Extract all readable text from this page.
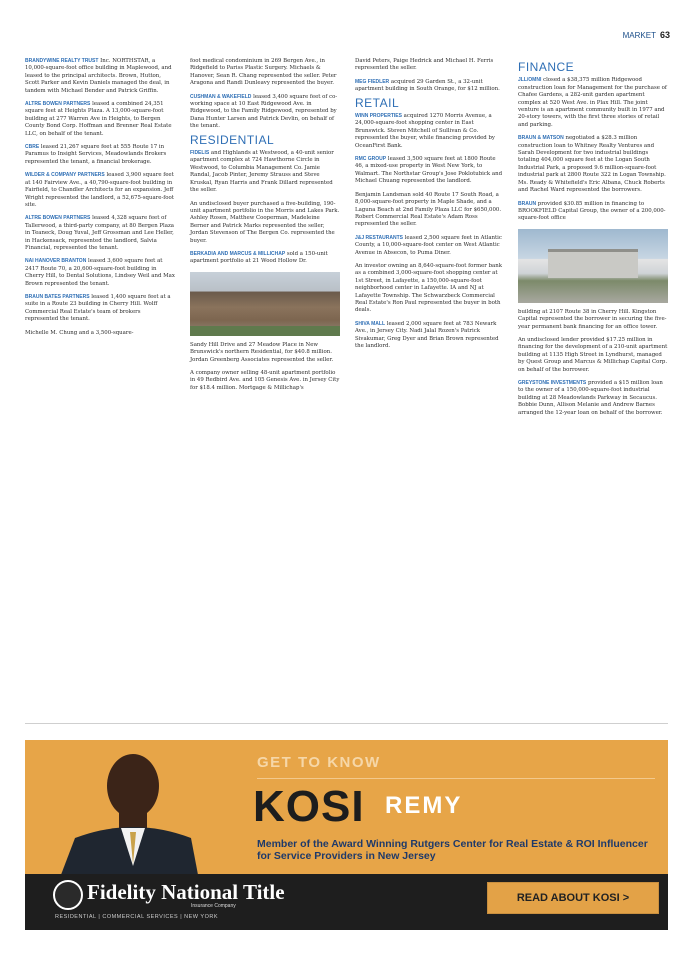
MARKET 63

BRANDYWINE REALTY TRUST Inc. NORTHSTAR, a 10,000-square-foot office building in Maplewood, and leased to the principal architects. Brown, Hutton, Scott Parker and Kevin Daniels managed the deal, in tandem with Michael Bender and Patrick Griffin.

ALTRE BOWEN PARTNERS leased a combined 24,351 square feet at Heights Plaza. A 13,000-square-foot building at 277 Warren Ave in Heights, to Bergen County Bond Corp. Hoffman and Brenner Real Estate LLC, on behalf of the tenant.

CBRE leased 21,267 square feet at 555 Route 17 in Paramus to Insight Services, Meadowlands Brokers represented the tenant, a financial brokerage.

WILDER & COMPANY PARTNERS leased 3,900 square feet at 140 Fairview Ave., a 40,790-square-foot building in Fairfield, to Chandler Architects for an expansion. Jeff Wright represented the landlord, a 52,675-square-foot site.

ALTRE BOWEN PARTNERS leased 4,328 square feet of Tallerwood, a third-party company, at 80 Bergen Plaza in Teaneck, Doug Yuval, Jeff Grossman and Lee Heller, in Hackensack, represented the landlord, Salvia Financial, represented the tenant.

NAI HANOVER BRANTON leased 3,600 square feet at 2417 Route 70, a 20,600-square-foot building in Cherry Hill, to Dental Solutions, Lindsey Weil and Max Brown represented the tenant.

BRAUN BATES PARTNERS leased 1,400 square feet at a suite in a Route 23 building in Cherry Hill. Wolff Commercial Real Estate's team of brokers represented the tenant.

Michelle M. Chung and a 3,500-square-

foot medical condominium in 269 Bergen Ave., in Ridgefield to Pariss Plastic Surgery. Michaels & Hanover, Sean R. Chang represented the seller. Peter Aragona and Randi Dunleavy represented the buyer.

CUSHMAN & WAKEFIELD leased 3,400 square feet of co-working space at 10 East Ridgewood Ave. in Ridgewood, to the Family Ridgewood, represented by Dana Hunter Larsen and Patrick Devlin, on behalf of the tenant.

RESIDENTIAL

FIDELIS and Highlands at Westwood, a 40-unit senior apartment complex at 724 Hawthorne Circle in Westwood, to Columbia Management Co. Jamie Randal, Jacob Pinter, Jeremy Strauss and Steve Kruskal, Ryan Harris and Frank Dillard represented the seller.

An undisclosed buyer purchased a five-building, 190-unit apartment portfolio in the Morris and Lakes Park. Ashley Rosen, Matthew Cooperman, Madeleine Berner and Patrick Marks represented the seller, Jordan Stevenson of The Bergen Co. represented the buyer.

BERKADIA AND MARCUS & MILLICHAP sold a 150-unit apartment portfolio at 21 Wood Hollow Dr.

Sandy Hill Drive and 27 Meadow Place in New Brunswick's northern Residential, for $40.8 million. Jordan Greenberg Associates represented the seller.

A company owner selling 48-unit apartment portfolio in 49 Redbird Ave. and 105 Genesis Ave. in Jersey City for $18.4 million. Mortgage & Millichap's

David Peters, Paige Hedrick and Michael H. Ferris represented the seller.

MEG FIEDLER acquired 29 Garden St., a 32-unit apartment building in South Orange, for $12 million.

RETAIL

WINN PROPERTIES acquired 1270 Morris Avenue, a 24,000-square-foot shopping center in East Brunswick. Steven Mitchell of Sullivan & Co. represented the buyer, while financing provided by OceanFirst Bank.

RMC GROUP leased 3,500 square feet at 1800 Route 46, a mixed-use property in West New York, to Walmart. The Northstar Group's Jose Poklotubick and Michael Chuang represented the landlord.

Benjamin Landsman sold 40 Route 17 South Road, a 8,000-square-foot property in Maple Shade, and a Laguna Beach at 2nd Family Plaza LLC for $650,000. Robert Commercial Real Estate's Adam Ross represented the seller.

J&J RESTAURANTS leased 2,500 square feet in Atlantic County, a 10,000-square-foot center on West Atlantic Avenue in Absecon, to Puma Diner.

An investor owning an 8,640-square-foot former bank as a combined 3,000-square-foot shopping center at 1st Street, in Lafayette, a 150,000-square-foot neighborhood center in Lafayette. IA and NJ at Lafayette Township. The Schwarzbeck Commercial Real Estate's Ron Paul represented the buyer in both deals.

SHIVA MALL leased 2,000 square feet at 783 Newark Ave., in Jersey City. Nadi Jalal Rozen's Patrick Sivakumar, Greg Dyer and Brian Brown represented the landlord.

FINANCE

JLL/OMNI closed a $38,375 million Ridgewood construction loan for Management for the purchase of Chafee Gardens, a 282-unit garden apartment complex at 520 West Ave. in Plax Hill. The joint venture is an apartment community built in 1977 and 20-story towers, with the first three stories of retail and parking.

BRAUN & MATSON negotiated a $28.3 million construction loan to Whitney Realty Ventures and Sarah Development for two industrial buildings totaling 404,000 square feet at the Logan South Industrial Park, a proposed 9.6 million-square-foot industrial park at 2800 Route 322 in Logan Township. Ms. Ready & Whitefield's Eric Albana, Chuck Roberts and Rachel Ward represented the borrowers.

BRAUN provided $30.85 million in financing to BROOKFIELD Capital Group, the owner of a 200,000-square-foot office

building at 2107 Route 38 in Cherry Hill. Kingston Capital represented the borrower in securing the five-year permanent bank financing for an office tower.

An undisclosed lender provided $17.25 million in financing for the development of a 210-unit apartment building at 1135 High Street in Lyndhurst, managed by Quest Group and Marcus & Millichap Capital Corp. on behalf of the borrower.

GREYSTONE INVESTMENTS provided a $15 million loan to the owner of a 150,000-square-foot industrial building at 28 Meadowlands Parkway in Secaucus. Bobbie Dunn, Allison Melanie and Andrew Barnes arranged the 12-year loan on behalf of the borrower.

GET TO KNOW
KOSI REMY
Member of the Award Winning Rutgers Center for Real Estate & ROI Influencer for Service Providers in New Jersey
Fidelity National Title
Insurance Company
RESIDENTIAL | COMMERCIAL SERVICES | NEW YORK
READ ABOUT KOSI >
